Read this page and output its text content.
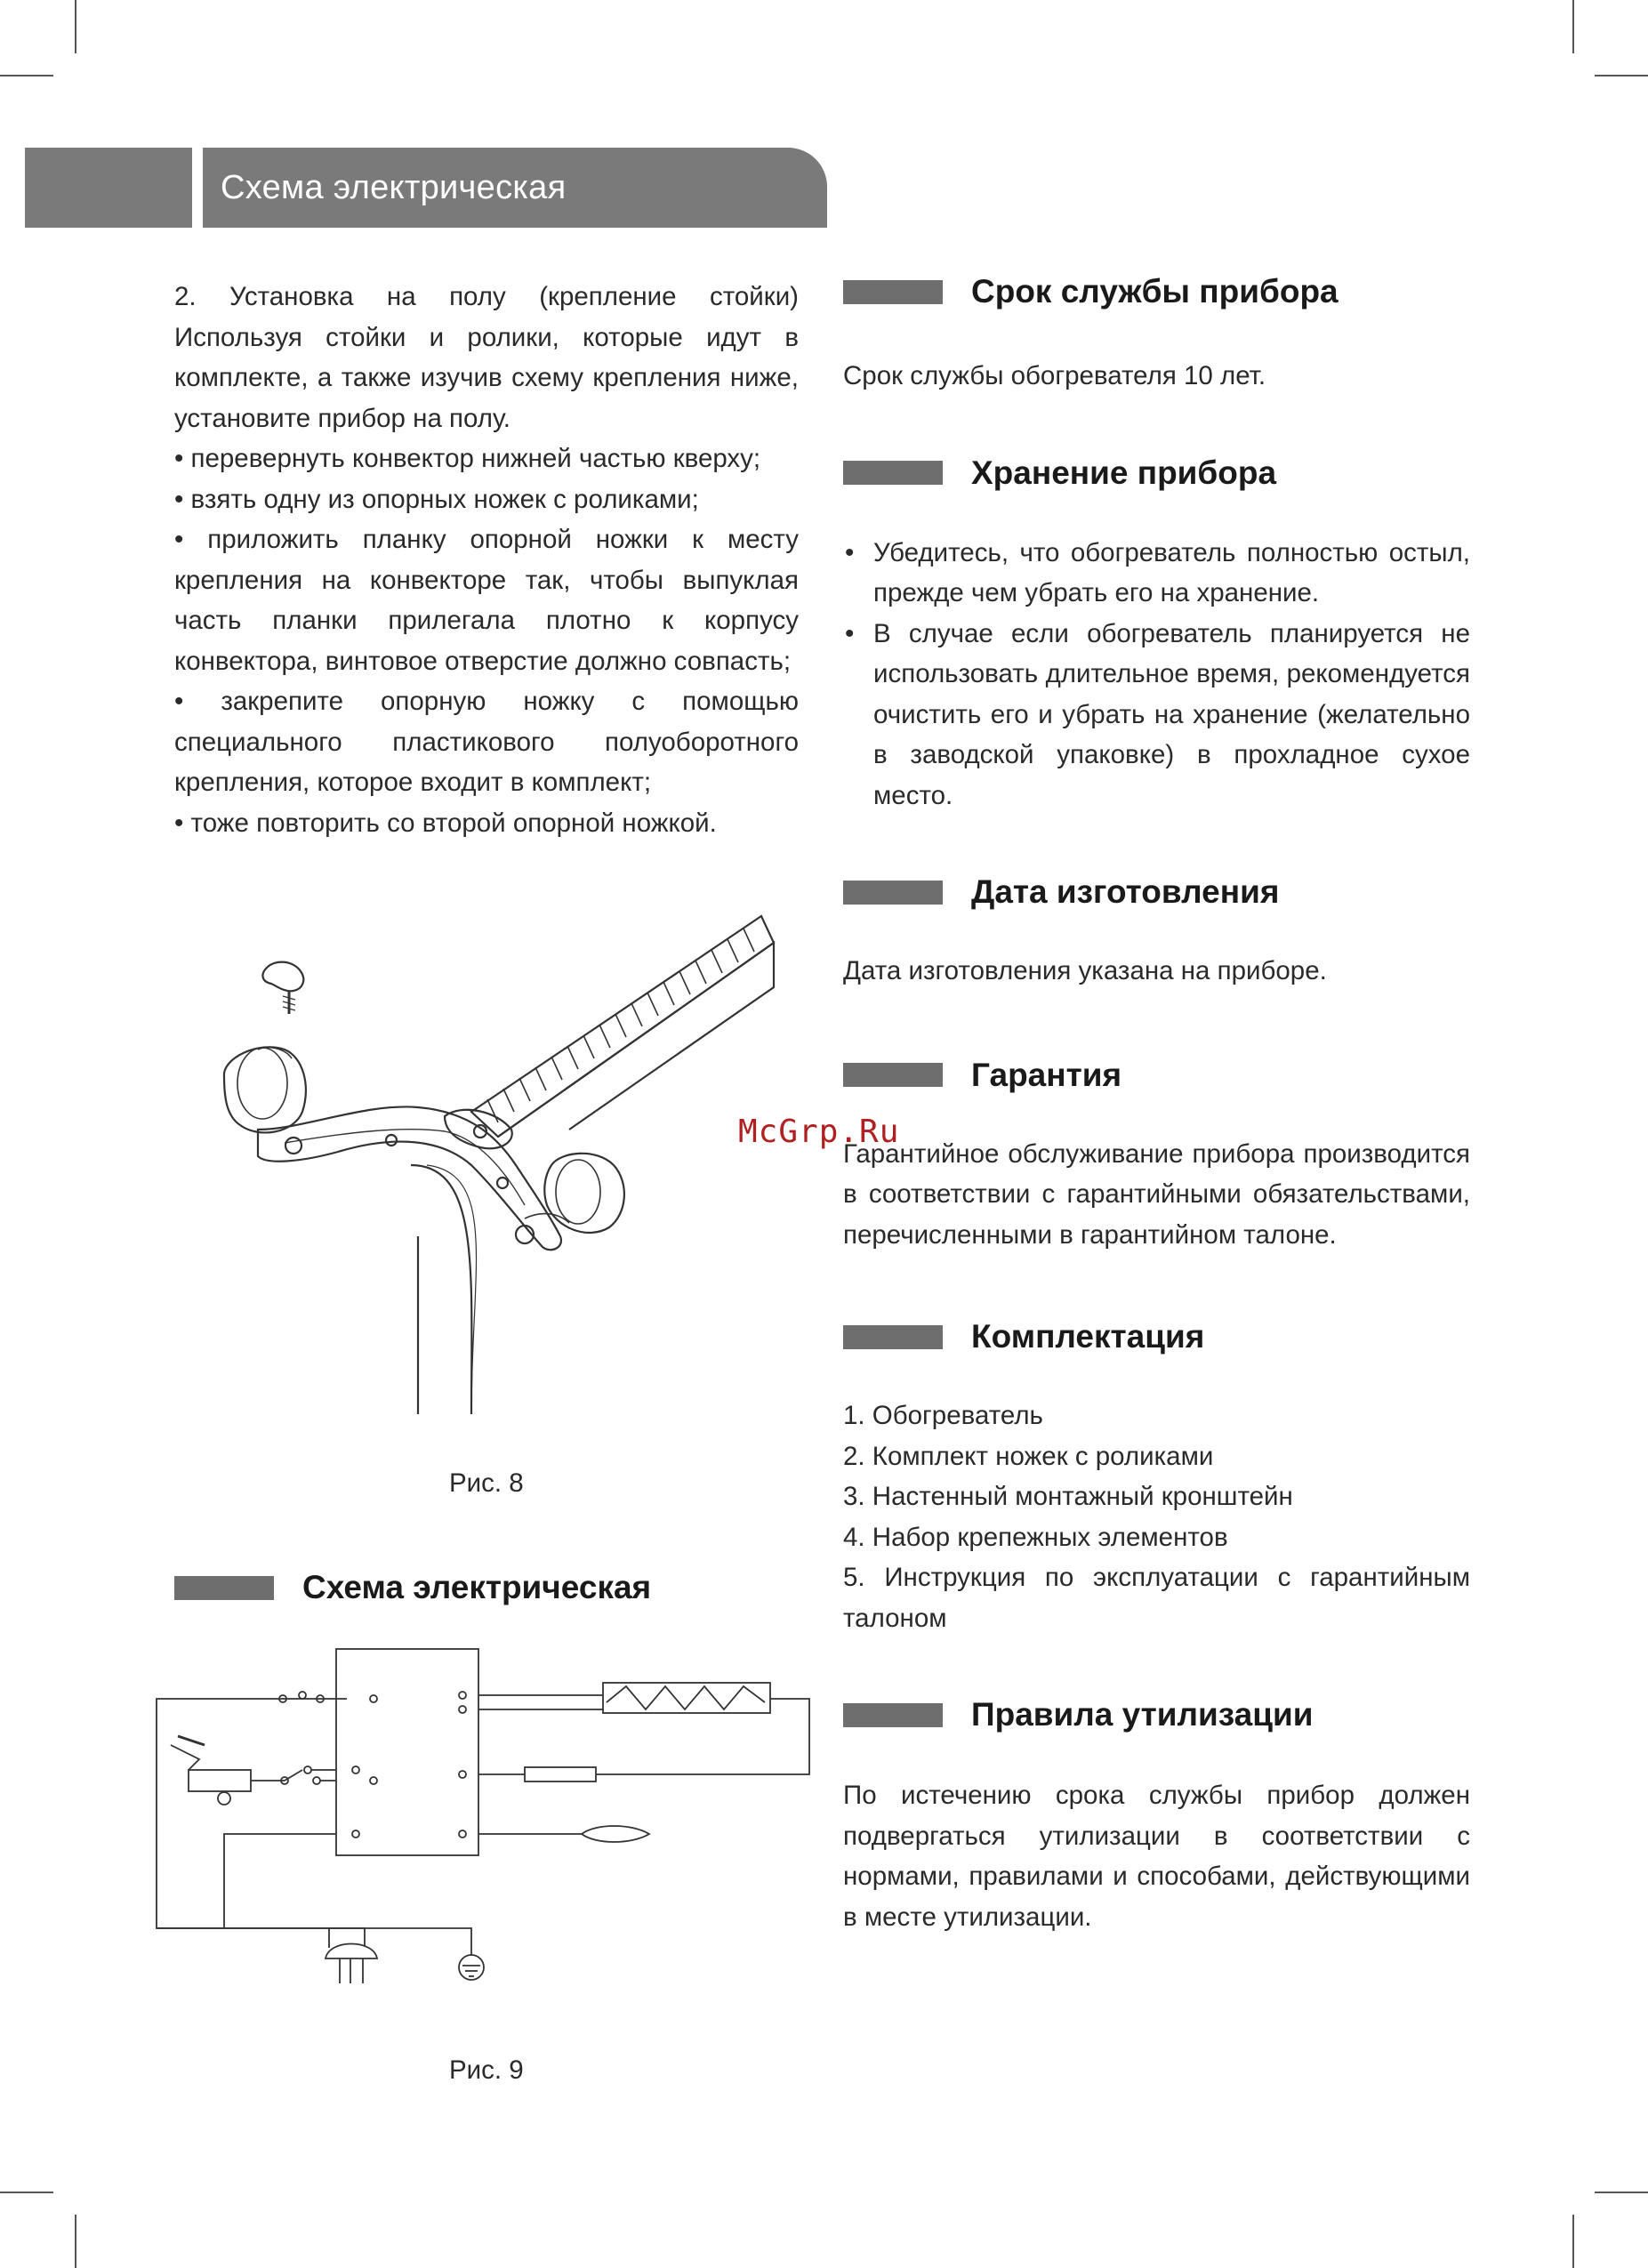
Схема электрическая

2. Установка на полу (крепление стойки) Используя стойки и ролики, которые идут в комплекте, а также изучив схему крепления ниже, установите прибор на полу.

• перевернуть конвектор нижней частью кверху;

• взять одну из опорных ножек с роликами;

• приложить планку опорной ножки к месту крепления на конвекторе так, чтобы выпуклая часть планки прилегала плотно к корпусу конвектора, винтовое отверстие должно совпасть;

• закрепите опорную ножку с помощью специального пластикового полуоборотного крепления, которое входит в комплект;

• тоже повторить со второй опорной ножкой.

Рис. 8
Схема электрическая
Рис. 9
Срок службы прибора

Срок службы обогревателя 10 лет.

Хранение прибора
• Убедитесь, что обогреватель полностью остыл, прежде чем убрать его на хранение.
• В случае если обогреватель планируется не использовать длительное время, рекомендуется очистить его и убрать на хранение (желательно в заводской упаковке) в прохладное сухое место.
Дата изготовления

Дата изготовления указана на приборе.

Гарантия

Гарантийное обслуживание прибора производится в соответствии с гарантийными обязательствами, перечисленными в гарантийном талоне.

Комплектация

1. Обогреватель

2. Комплект ножек с роликами

3. Настенный монтажный кронштейн

4. Набор крепежных элементов

5. Инструкция по эксплуатации с гарантийным талоном

Правила утилизации

По истечению срока службы прибор должен подвергаться утилизации в соответствии с нормами, правилами и способами, действующими в месте утилизации.

McGrp.Ru
